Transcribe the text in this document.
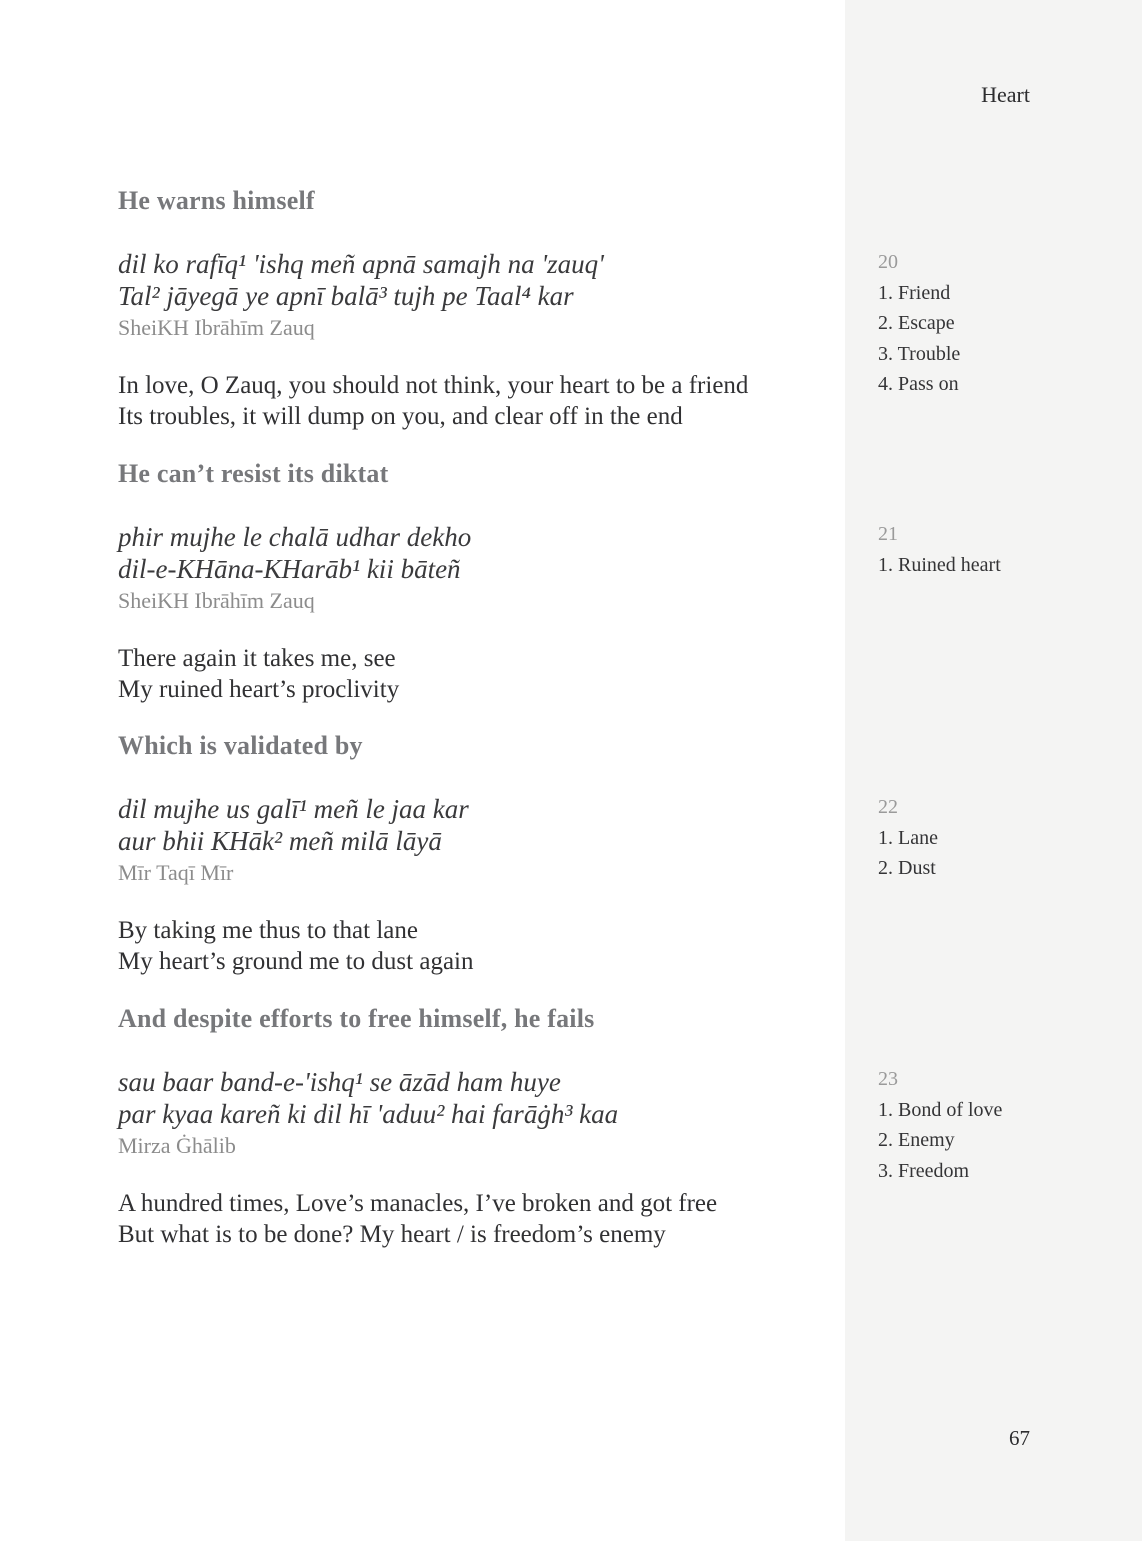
Heart
20
1. Friend
2. Escape
3. Trouble
4. Pass on
21
1. Ruined heart
22
1. Lane
2. Dust
23
1. Bond of love
2. Enemy
3. Freedom
67
He warns himself

dil ko rafīq¹ 'ishq meñ apnā samajh na 'zauq'

Tal² jāyegā ye apnī balā³ tujh pe Taal⁴ kar

SheiKH Ibrāhīm Zauq

In love, O Zauq, you should not think, your heart to be a friend

Its troubles, it will dump on you, and clear off in the end

He can’t resist its diktat

phir mujhe le chalā udhar dekho

dil-e-KHāna-KHarāb¹ kii bāteñ

SheiKH Ibrāhīm Zauq

There again it takes me, see

My ruined heart’s proclivity

Which is validated by

dil mujhe us galī¹ meñ le jaa kar

aur bhii KHāk² meñ milā lāyā

Mīr Taqī Mīr

By taking me thus to that lane

My heart’s ground me to dust again

And despite efforts to free himself, he fails

sau baar band-e-'ishq¹ se āzād ham huye

par kyaa kareñ ki dil hī 'aduu² hai farāġh³ kaa

Mirza Ġhālib

A hundred times, Love’s manacles, I’ve broken and got free

But what is to be done? My heart / is freedom’s enemy
